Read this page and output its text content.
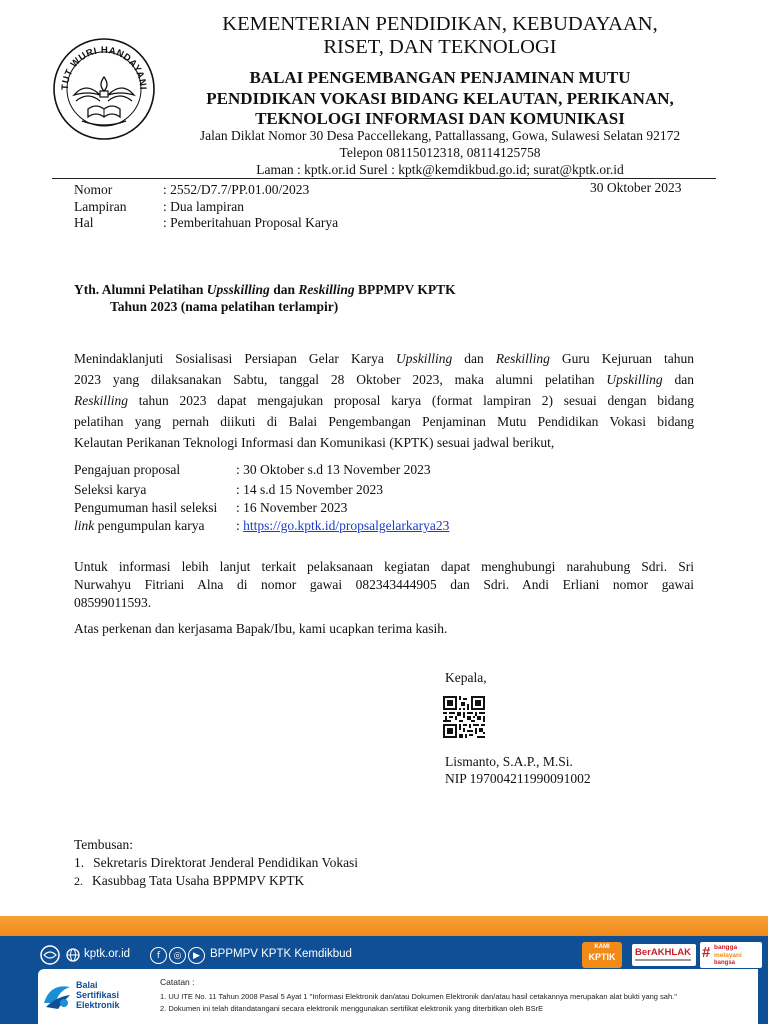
TUT WURI HANDAYANI
KEMENTERIAN PENDIDIKAN, KEBUDAYAAN,
RISET, DAN TEKNOLOGI
BALAI PENGEMBANGAN PENJAMINAN MUTU
PENDIDIKAN VOKASI BIDANG KELAUTAN, PERIKANAN,
TEKNOLOGI INFORMASI DAN KOMUNIKASI
Jalan Diklat Nomor 30 Desa Paccellekang, Pattallassang, Gowa, Sulawesi Selatan 92172
Telepon 08115012318, 08114125758
Laman : kptk.or.id Surel : kptk@kemdikbud.go.id; surat@kptk.or.id
Nomor	: 2552/D7.7/PP.01.00/2023	30 Oktober 2023
Lampiran	: Dua lampiran
Hal	: Pemberitahuan Proposal Karya
Yth. Alumni Pelatihan Upsskilling dan Reskilling BPPMPV KPTK
Tahun 2023 (nama pelatihan terlampir)
Menindaklanjuti Sosialisasi Persiapan Gelar Karya Upskilling dan Reskilling Guru Kejuruan tahun
2023 yang dilaksanakan Sabtu, tanggal 28 Oktober 2023, maka alumni pelatihan Upskilling dan
Reskilling tahun 2023 dapat mengajukan proposal karya (format lampiran 2) sesuai dengan bidang
pelatihan yang pernah diikuti di Balai Pengembangan Penjaminan Mutu Pendidikan Vokasi bidang
Kelautan Perikanan Teknologi Informasi dan Komunikasi (KPTK) sesuai jadwal berikut,
Pengajuan proposal	: 30 Oktober s.d 13 November 2023
Seleksi karya	: 14 s.d 15 November 2023
Pengumuman hasil seleksi : 16 November 2023
link pengumpulan karya : https://go.kptk.id/propsalgelarkarya23
Untuk informasi lebih lanjut terkait pelaksanaan kegiatan dapat menghubungi narahubung Sdri. Sri
Nurwahyu Fitriani Alna di nomor gawai 082343444905 dan Sdri. Andi Erliani nomor gawai
08599011593.
Atas perkenan dan kerjasama Bapak/Ibu, kami ucapkan terima kasih.
Kepala,
Lismanto, S.A.P., M.Si.
NIP 197004211990091002
Tembusan:
1. Sekretaris Direktorat Jenderal Pendidikan Vokasi
2. Kasubbag Tata Usaha BPPMPV KPTK
kptk.or.id	f	◎	▶ BPPMPV KPTK Kemdikbud
KAMI
KPTIK	BerAKHLAK # bangga
melayani
bangsa
Balai
Sertifikasi
Elektronik
Catatan :
1. UU ITE No. 11 Tahun 2008 Pasal 5 Ayat 1 "Informasi Elektronik dan/atau Dokumen Elektronik dan/atau hasil cetakannya merupakan alat bukti yang sah."
2. Dokumen ini telah ditandatangani secara elektronik menggunakan sertifikat elektronik yang diterbitkan oleh BSrE
